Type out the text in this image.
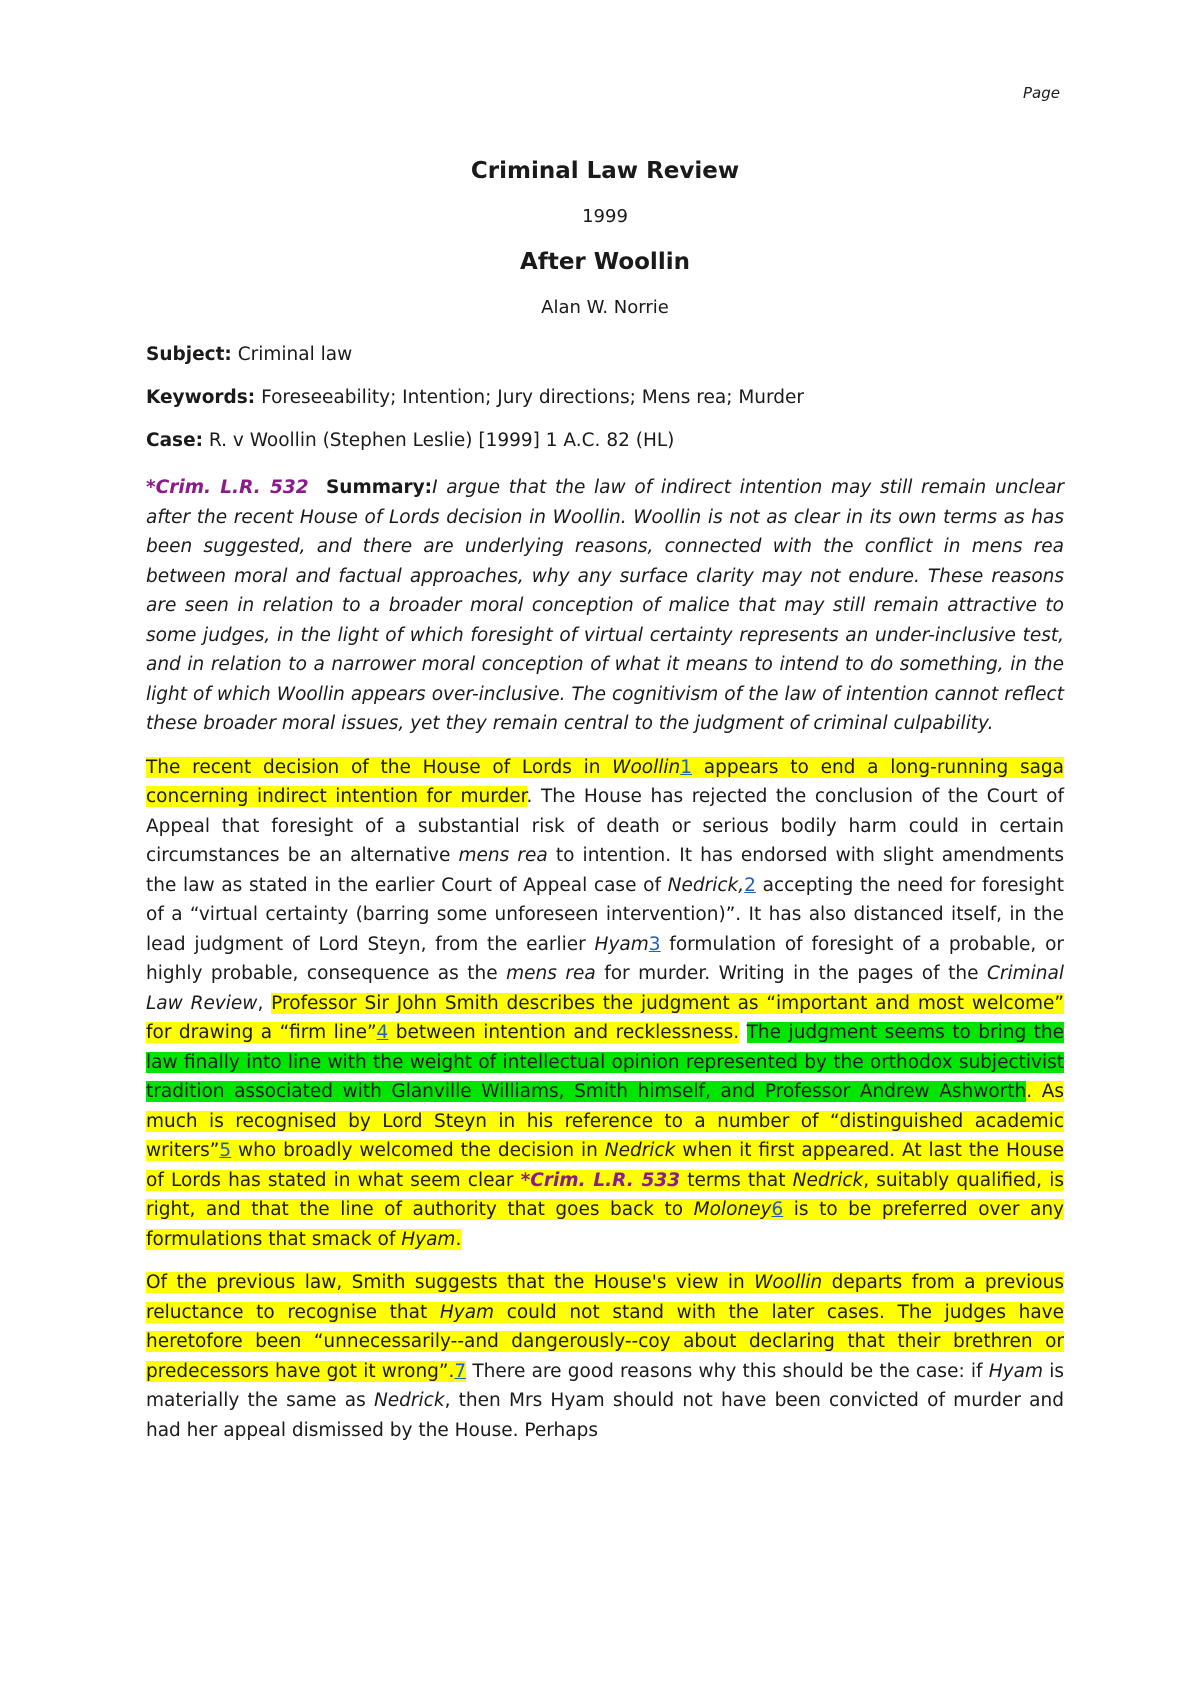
Page
Criminal Law Review
1999
After Woollin
Alan W. Norrie
Subject: Criminal law
Keywords: Foreseeability; Intention; Jury directions; Mens rea; Murder
Case: R. v Woollin (Stephen Leslie) [1999] 1 A.C. 82 (HL)

*Crim. L.R. 532 Summary:I argue that the law of indirect intention may still remain unclear after the recent House of Lords decision in Woollin. Woollin is not as clear in its own terms as has been suggested, and there are underlying reasons, connected with the conflict in mens rea between moral and factual approaches, why any surface clarity may not endure. These reasons are seen in relation to a broader moral conception of malice that may still remain attractive to some judges, in the light of which foresight of virtual certainty represents an under-inclusive test, and in relation to a narrower moral conception of what it means to intend to do something, in the light of which Woollin appears over-inclusive. The cognitivism of the law of intention cannot reflect these broader moral issues, yet they remain central to the judgment of criminal culpability.

The recent decision of the House of Lords in Woollin1 appears to end a long-running saga concerning indirect intention for murder. The House has rejected the conclusion of the Court of Appeal that foresight of a substantial risk of death or serious bodily harm could in certain circumstances be an alternative mens rea to intention. It has endorsed with slight amendments the law as stated in the earlier Court of Appeal case of Nedrick,2 accepting the need for foresight of a “virtual certainty (barring some unforeseen intervention)”. It has also distanced itself, in the lead judgment of Lord Steyn, from the earlier Hyam3 formulation of foresight of a probable, or highly probable, consequence as the mens rea for murder. Writing in the pages of the Criminal Law Review, Professor Sir John Smith describes the judgment as “important and most welcome” for drawing a “firm line”4 between intention and recklessness. The judgment seems to bring the law finally into line with the weight of intellectual opinion represented by the orthodox subjectivist tradition associated with Glanville Williams, Smith himself, and Professor Andrew Ashworth. As much is recognised by Lord Steyn in his reference to a number of “distinguished academic writers”5 who broadly welcomed the decision in Nedrick when it first appeared. At last the House of Lords has stated in what seem clear *Crim. L.R. 533 terms that Nedrick, suitably qualified, is right, and that the line of authority that goes back to Moloney6 is to be preferred over any formulations that smack of Hyam.

Of the previous law, Smith suggests that the House's view in Woollin departs from a previous reluctance to recognise that Hyam could not stand with the later cases. The judges have heretofore been “unnecessarily--and dangerously--coy about declaring that their brethren or predecessors have got it wrong”.7 There are good reasons why this should be the case: if Hyam is materially the same as Nedrick, then Mrs Hyam should not have been convicted of murder and had her appeal dismissed by the House. Perhaps
